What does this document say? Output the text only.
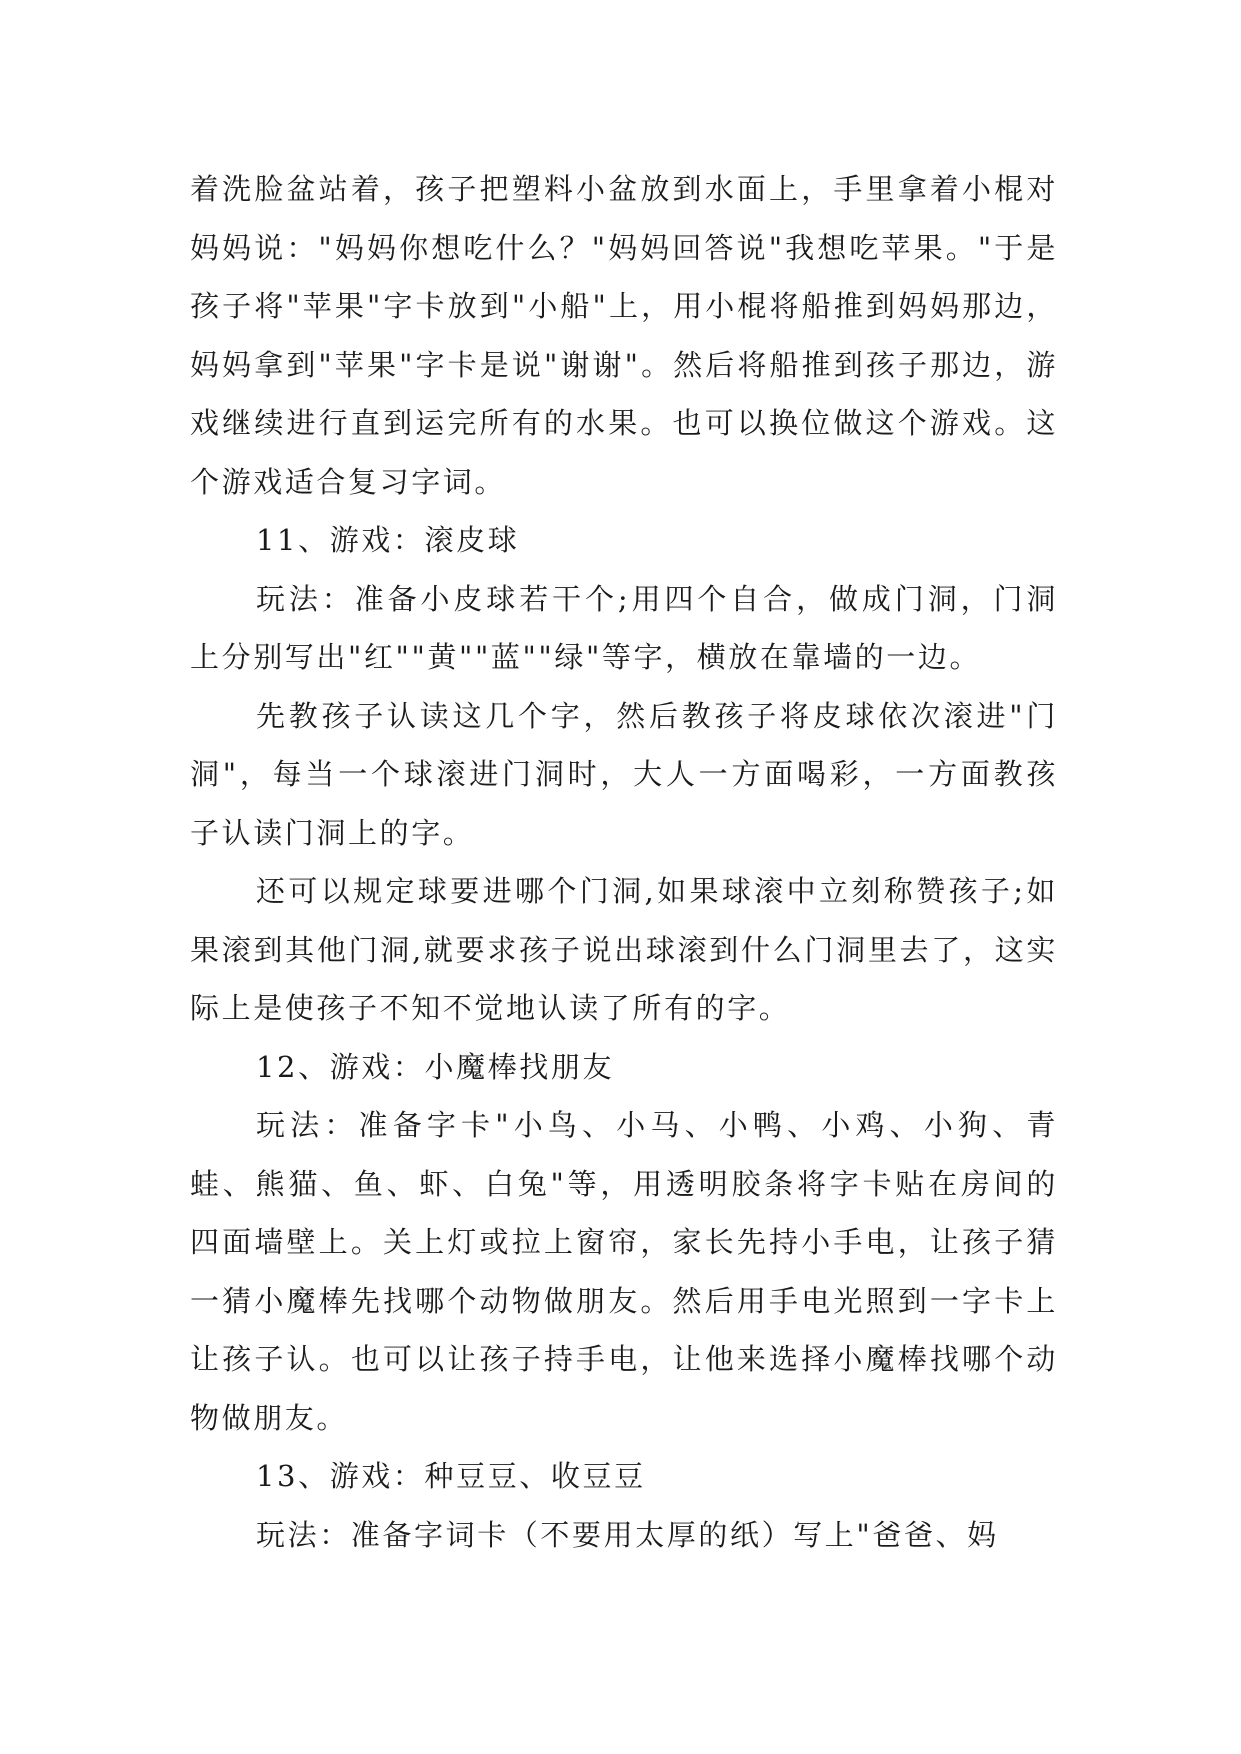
着洗脸盆站着，孩子把塑料小盆放到水面上，手里拿着小棍对妈妈说："妈妈你想吃什么？"妈妈回答说"我想吃苹果。"于是孩子将"苹果"字卡放到"小船"上，用小棍将船推到妈妈那边，妈妈拿到"苹果"字卡是说"谢谢"。然后将船推到孩子那边，游戏继续进行直到运完所有的水果。也可以换位做这个游戏。这个游戏适合复习字词。

11、游戏：滚皮球

玩法：准备小皮球若干个;用四个自合，做成门洞，门洞上分别写出"红""黄""蓝""绿"等字，横放在靠墙的一边。

先教孩子认读这几个字，然后教孩子将皮球依次滚进"门洞"，每当一个球滚进门洞时，大人一方面喝彩，一方面教孩子认读门洞上的字。

还可以规定球要进哪个门洞,如果球滚中立刻称赞孩子;如果滚到其他门洞,就要求孩子说出球滚到什么门洞里去了，这实际上是使孩子不知不觉地认读了所有的字。

12、游戏：小魔棒找朋友

玩法：准备字卡"小鸟、小马、小鸭、小鸡、小狗、青蛙、熊猫、鱼、虾、白兔"等，用透明胶条将字卡贴在房间的四面墙壁上。关上灯或拉上窗帘，家长先持小手电，让孩子猜一猜小魔棒先找哪个动物做朋友。然后用手电光照到一字卡上让孩子认。也可以让孩子持手电，让他来选择小魔棒找哪个动物做朋友。

13、游戏：种豆豆、收豆豆

玩法：准备字词卡（不要用太厚的纸）写上"爸爸、妈
